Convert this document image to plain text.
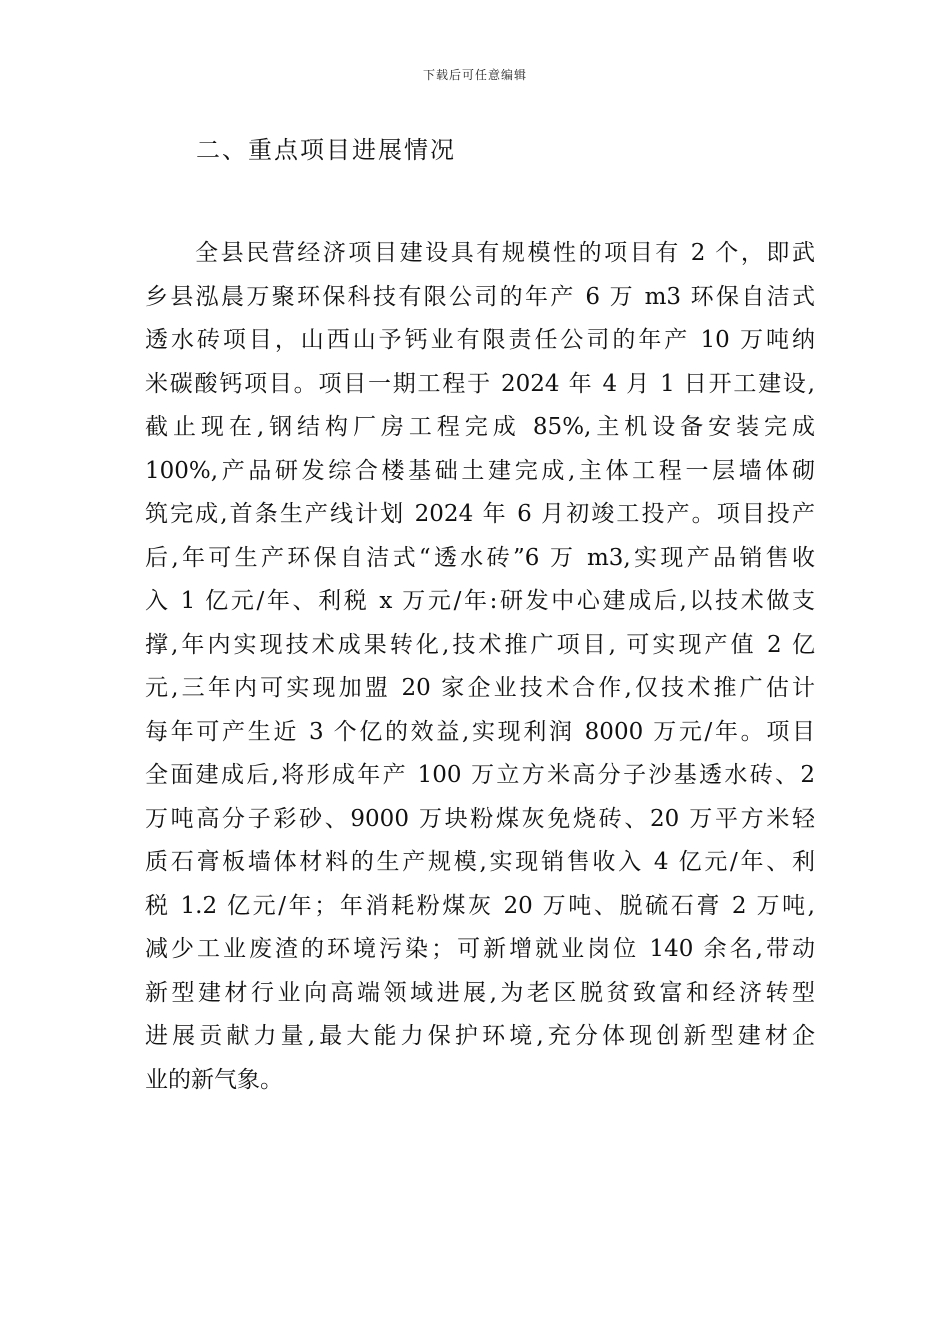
下载后可任意编辑
二、重点项目进展情况
全县民营经济项目建设具有规模性的项目有 2 个，即武
乡县泓晨万聚环保科技有限公司的年产 6 万 m3 环保自洁式
透水砖项目，山西山予钙业有限责任公司的年产 10 万吨纳
米碳酸钙项目。项目一期工程于 2024 年 4 月 1 日开工建设,
截止现在,钢结构厂房工程完成 85%,主机设备安装完成
100%,产品研发综合楼基础土建完成,主体工程一层墙体砌
筑完成,首条生产线计划 2024 年 6 月初竣工投产。项目投产
后,年可生产环保自洁式“透水砖”6 万 m3,实现产品销售收
入 1 亿元/年、利税 x 万元/年:研发中心建成后,以技术做支
撑,年内实现技术成果转化,技术推广项目, 可实现产值 2 亿
元,三年内可实现加盟 20 家企业技术合作,仅技术推广估计
每年可产生近 3 个亿的效益,实现利润 8000 万元/年。项目
全面建成后,将形成年产 100 万立方米高分子沙基透水砖、2
万吨高分子彩砂、9000 万块粉煤灰免烧砖、20 万平方米轻
质石膏板墙体材料的生产规模,实现销售收入 4 亿元/年、利
税 1.2 亿元/年；年消耗粉煤灰 20 万吨、脱硫石膏 2 万吨,
减少工业废渣的环境污染；可新增就业岗位 140 余名,带动
新型建材行业向高端领域进展,为老区脱贫致富和经济转型
进展贡献力量,最大能力保护环境,充分体现创新型建材企
业的新气象。
